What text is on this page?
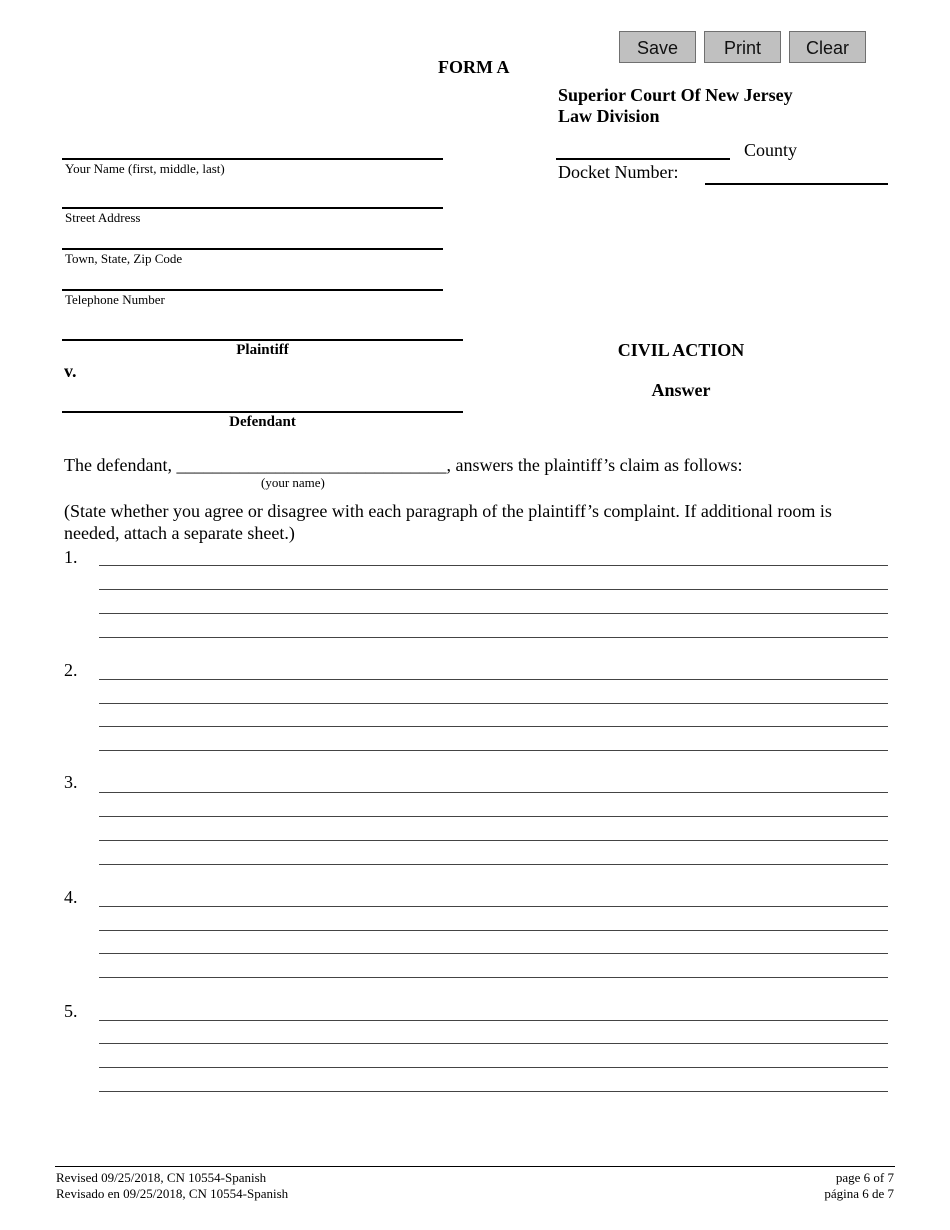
Save	Print	Clear
FORM A
Superior Court Of New Jersey
Law Division
County
Docket Number:
Your Name (first, middle, last)
Street Address
Town, State, Zip Code
Telephone Number
Plaintiff
v.
Defendant
CIVIL ACTION
Answer
The defendant, ______________________________, answers the plaintiff’s claim as follows:
(your name)
(State whether you agree or disagree with each paragraph of the plaintiff’s complaint. If additional room is needed, attach a separate sheet.)
1.
2.
3.
4.
5.
Revised 09/25/2018, CN 10554-Spanish
Revisado en 09/25/2018, CN 10554-Spanish
page 6 of 7
página 6 de 7
